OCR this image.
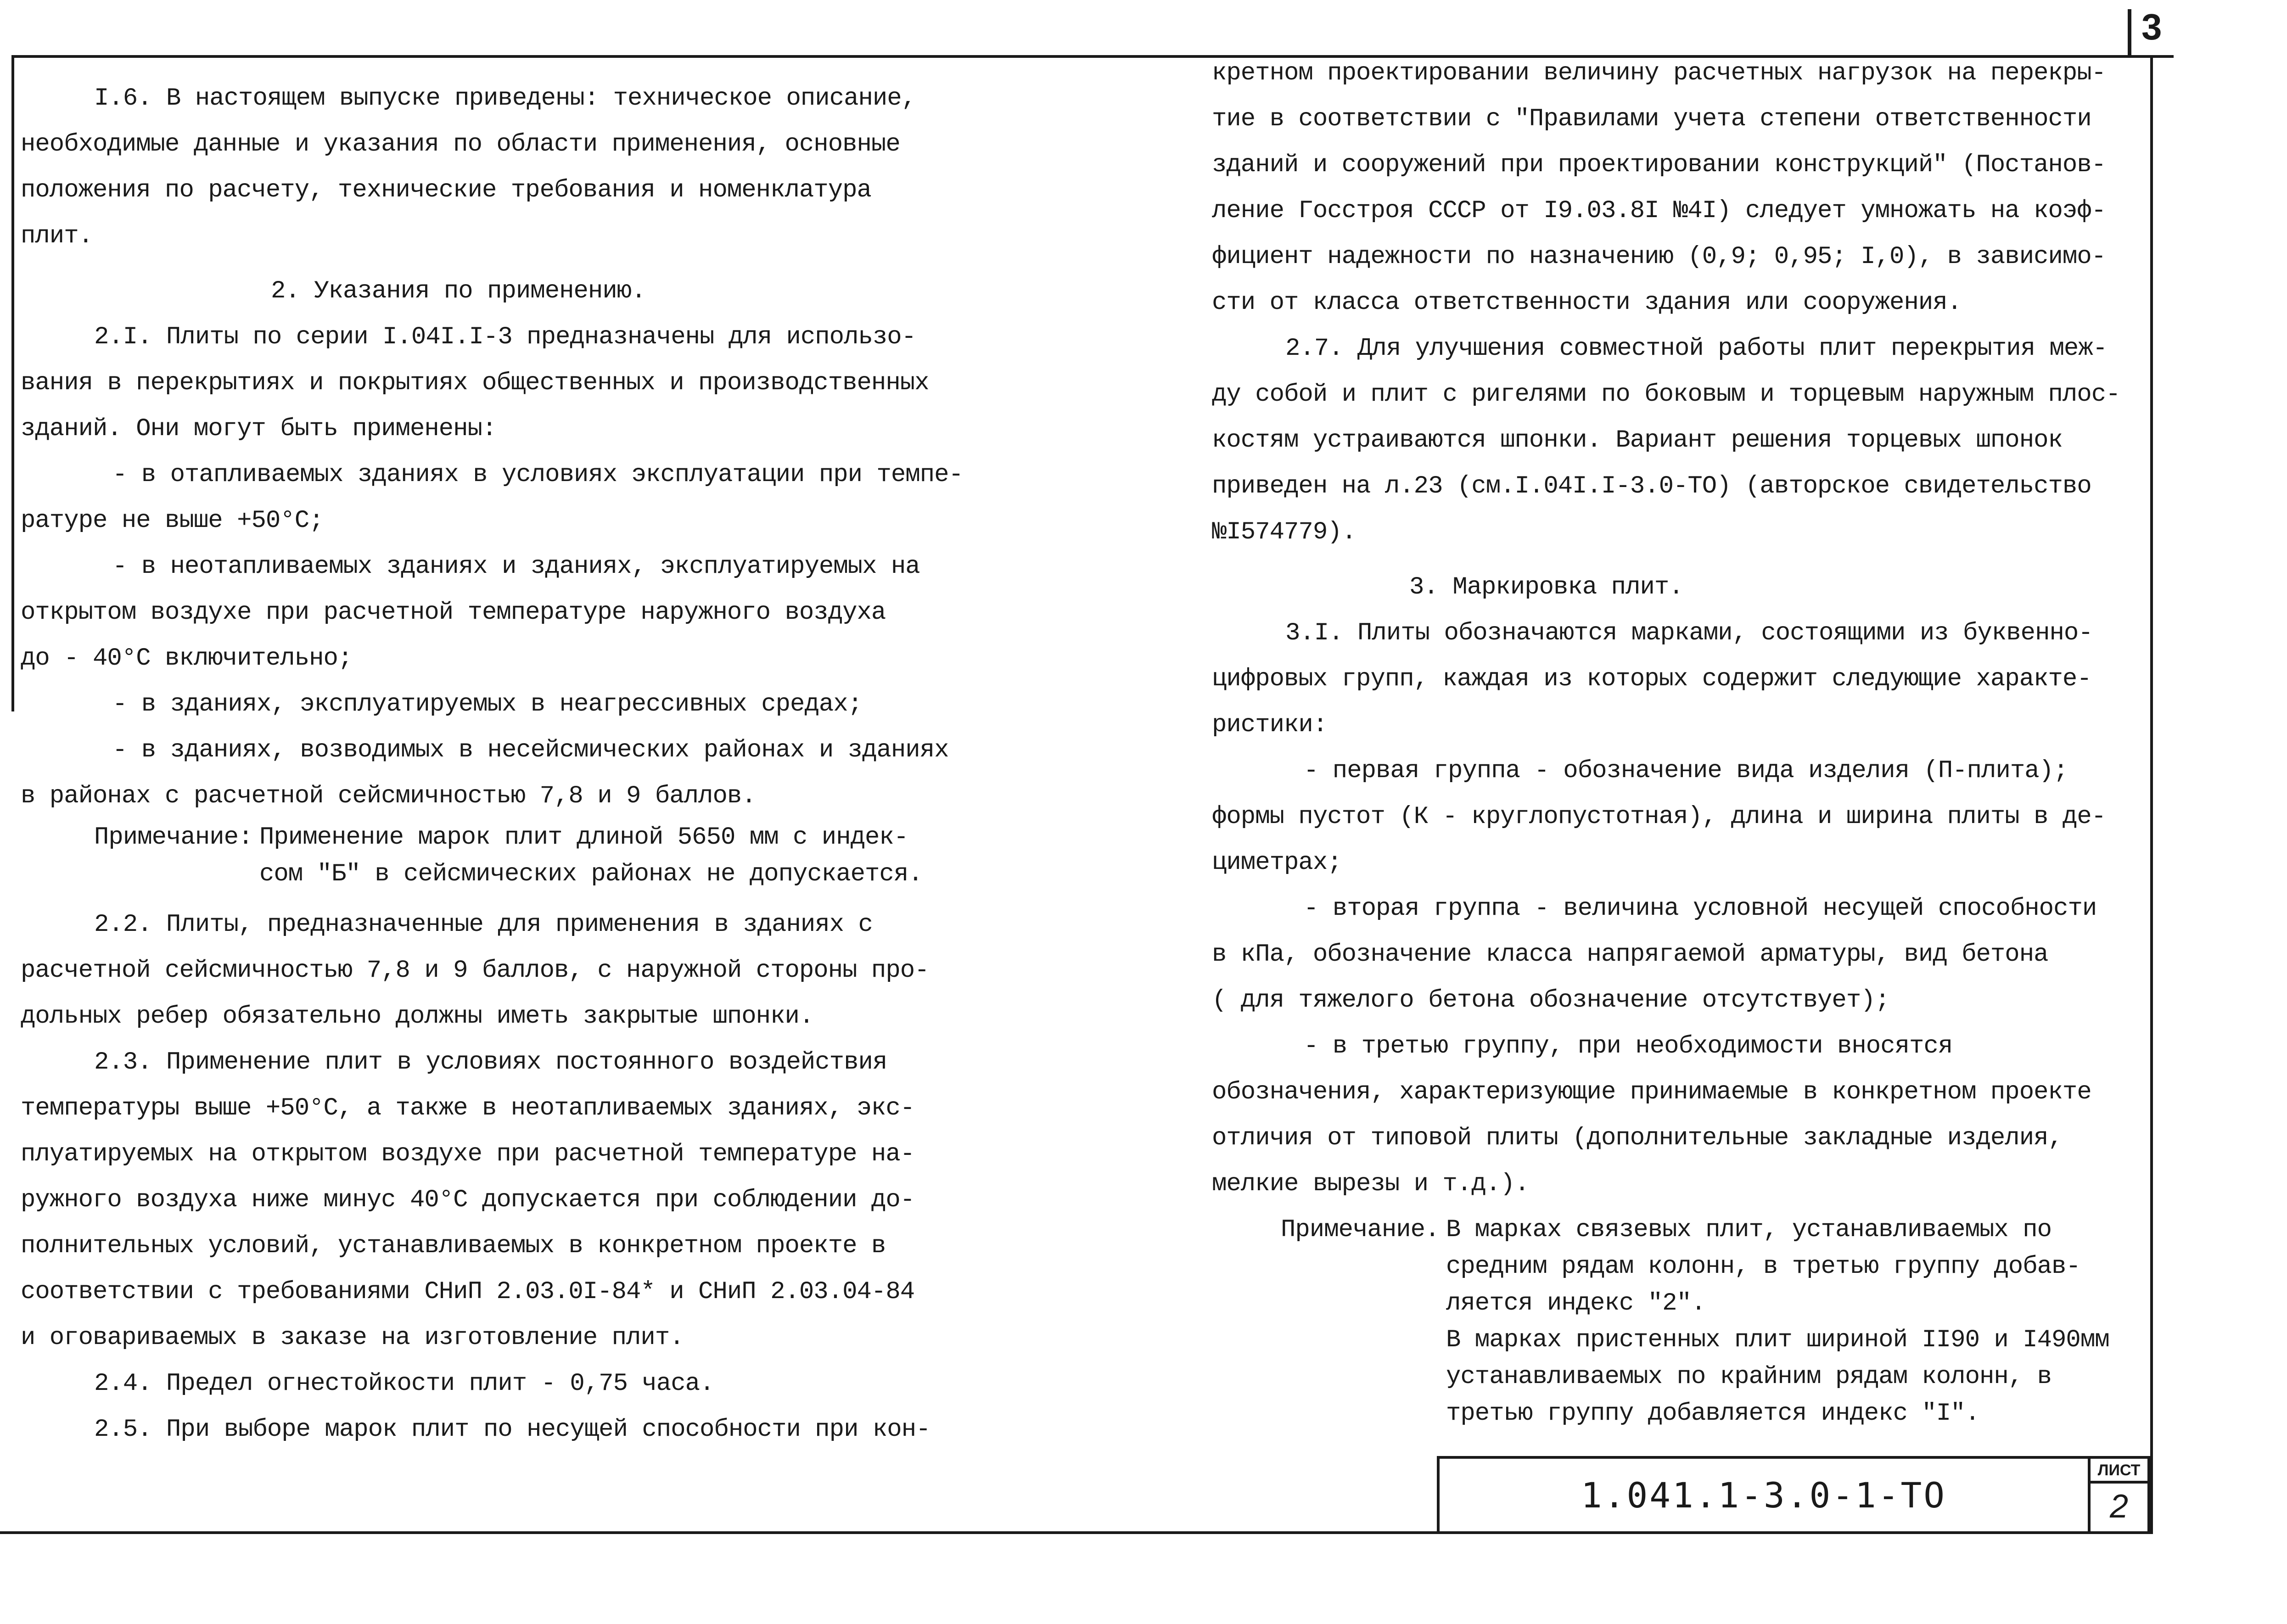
3

I.6. В настоящем выпуске приведены: техническое описание,

необходимые данные и указания по области применения, основные

положения по расчету, технические требования и номенклатура

плит.

2. Указания по применению.

2.I. Плиты по серии I.04I.I-3 предназначены для использо-

вания в перекрытиях и покрытиях общественных и производственных

зданий. Они могут быть применены:

- в отапливаемых зданиях в условиях эксплуатации при темпе-

ратуре не выше +50°С;

- в неотапливаемых зданиях и зданиях, эксплуатируемых на

открытом воздухе при расчетной температуре наружного воздуха

до - 40°С включительно;

- в зданиях, эксплуатируемых в неагрессивных средах;

- в зданиях, возводимых в несейсмических районах и зданиях

в районах с расчетной сейсмичностью 7,8 и 9 баллов.

Примечание: Применение марок плит длиной 5650 мм с индек-

сом "Б" в сейсмических районах не допускается.

2.2. Плиты, предназначенные для применения в зданиях с

расчетной сейсмичностью 7,8 и 9 баллов, с наружной стороны про-

дольных ребер обязательно должны иметь закрытые шпонки.

2.3. Применение плит в условиях постоянного воздействия

температуры выше +50°С, а также в неотапливаемых зданиях, экс-

плуатируемых на открытом воздухе при расчетной температуре на-

ружного воздуха ниже минус 40°С допускается при соблюдении до-

полнительных условий, устанавливаемых в конкретном проекте в

соответствии с требованиями СНиП 2.03.0I-84* и СНиП 2.03.04-84

и оговариваемых в заказе на изготовление плит.

2.4. Предел огнестойкости плит - 0,75 часа.

2.5. При выборе марок плит по несущей способности при кон-

кретном проектировании величину расчетных нагрузок на перекры-

тие в соответствии с "Правилами учета степени ответственности

зданий и сооружений при проектировании конструкций" (Постанов-

ление Госстроя СССР от I9.03.8I №4I) следует умножать на коэф-

фициент надежности по назначению (0,9; 0,95; I,0), в зависимо-

сти от класса ответственности здания или сооружения.

2.7. Для улучшения совместной работы плит перекрытия меж-

ду собой и плит с ригелями по боковым и торцевым наружным плос-

костям устраиваются шпонки. Вариант решения торцевых шпонок

приведен на л.23 (см.I.04I.I-3.0-ТО) (авторское свидетельство

№I574779).

3. Маркировка плит.

3.I. Плиты обозначаются марками, состоящими из буквенно-

цифровых групп, каждая из которых содержит следующие характе-

ристики:

- первая группа - обозначение вида изделия (П-плита);

формы пустот (К - круглопустотная), длина и ширина плиты в де-

циметрах;

- вторая группа - величина условной несущей способности

в кПа, обозначение класса напрягаемой арматуры, вид бетона

( для тяжелого бетона обозначение отсутствует);

- в третью группу, при необходимости вносятся

обозначения, характеризующие принимаемые в конкретном проекте

отличия от типовой плиты (дополнительные закладные изделия,

мелкие вырезы и т.д.).

Примечание. В марках связевых плит, устанавливаемых по

средним рядам колонн, в третью группу добав-

ляется индекс "2".

В марках пристенных плит шириной II90 и I490мм

устанавливаемых по крайним рядам колонн, в

третью группу добавляется индекс "I".

1.041.1-3.0-1-ТО
ЛИСТ
2
